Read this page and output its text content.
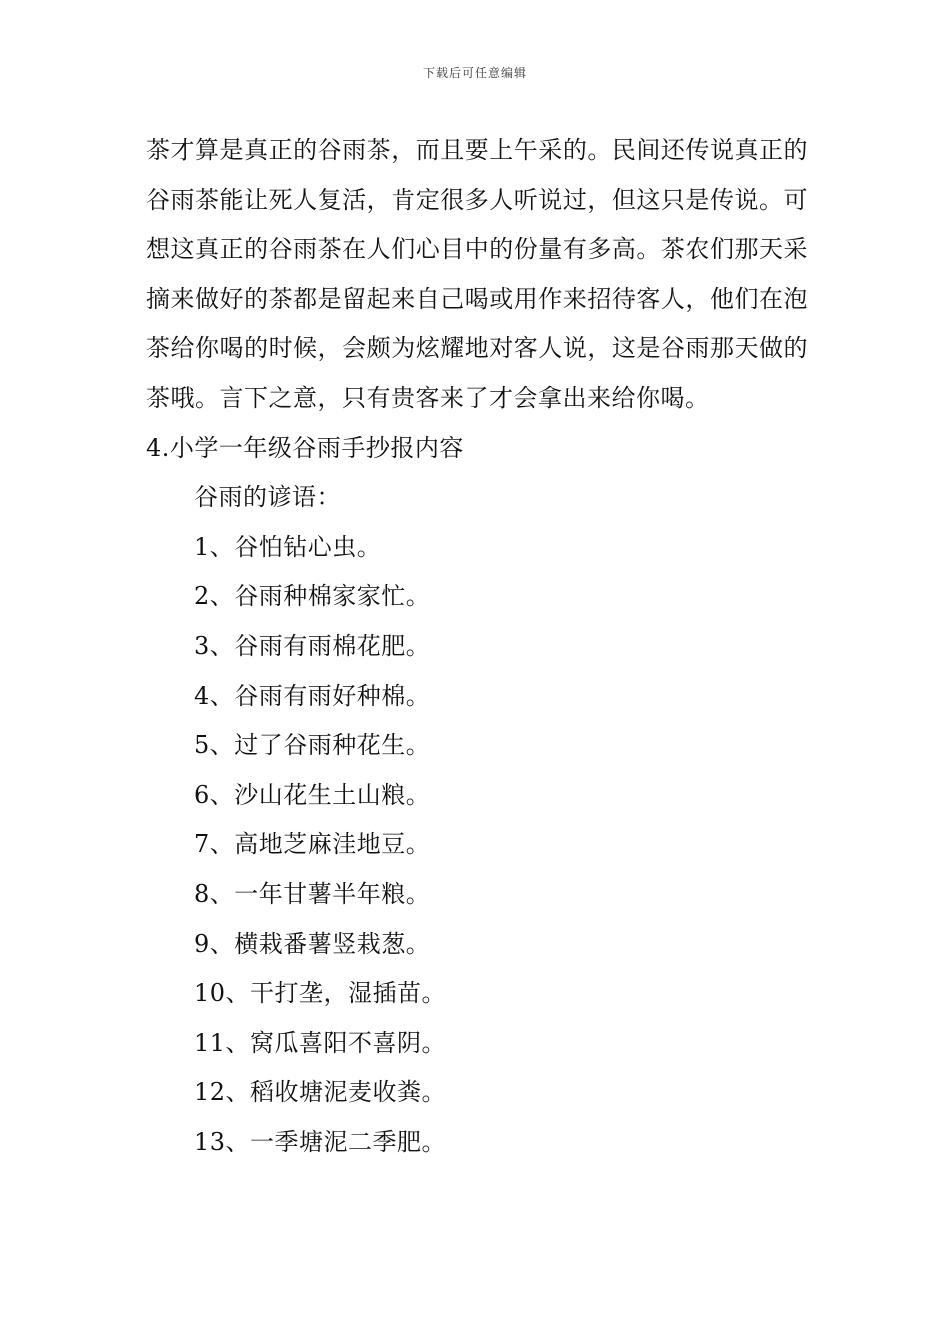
下载后可任意编辑

茶才算是真正的谷雨茶，而且要上午采的。民间还传说真正的谷雨茶能让死人复活，肯定很多人听说过，但这只是传说。可想这真正的谷雨茶在人们心目中的份量有多高。茶农们那天采摘来做好的茶都是留起来自己喝或用作来招待客人，他们在泡茶给你喝的时候，会颇为炫耀地对客人说，这是谷雨那天做的茶哦。言下之意，只有贵客来了才会拿出来给你喝。

4.小学一年级谷雨手抄报内容

谷雨的谚语：

1、谷怕钻心虫。

2、谷雨种棉家家忙。

3、谷雨有雨棉花肥。

4、谷雨有雨好种棉。

5、过了谷雨种花生。

6、沙山花生土山粮。

7、高地芝麻洼地豆。

8、一年甘薯半年粮。

9、横栽番薯竖栽葱。

10、干打垄，湿插苗。

11、窝瓜喜阳不喜阴。

12、稻收塘泥麦收粪。

13、一季塘泥二季肥。
